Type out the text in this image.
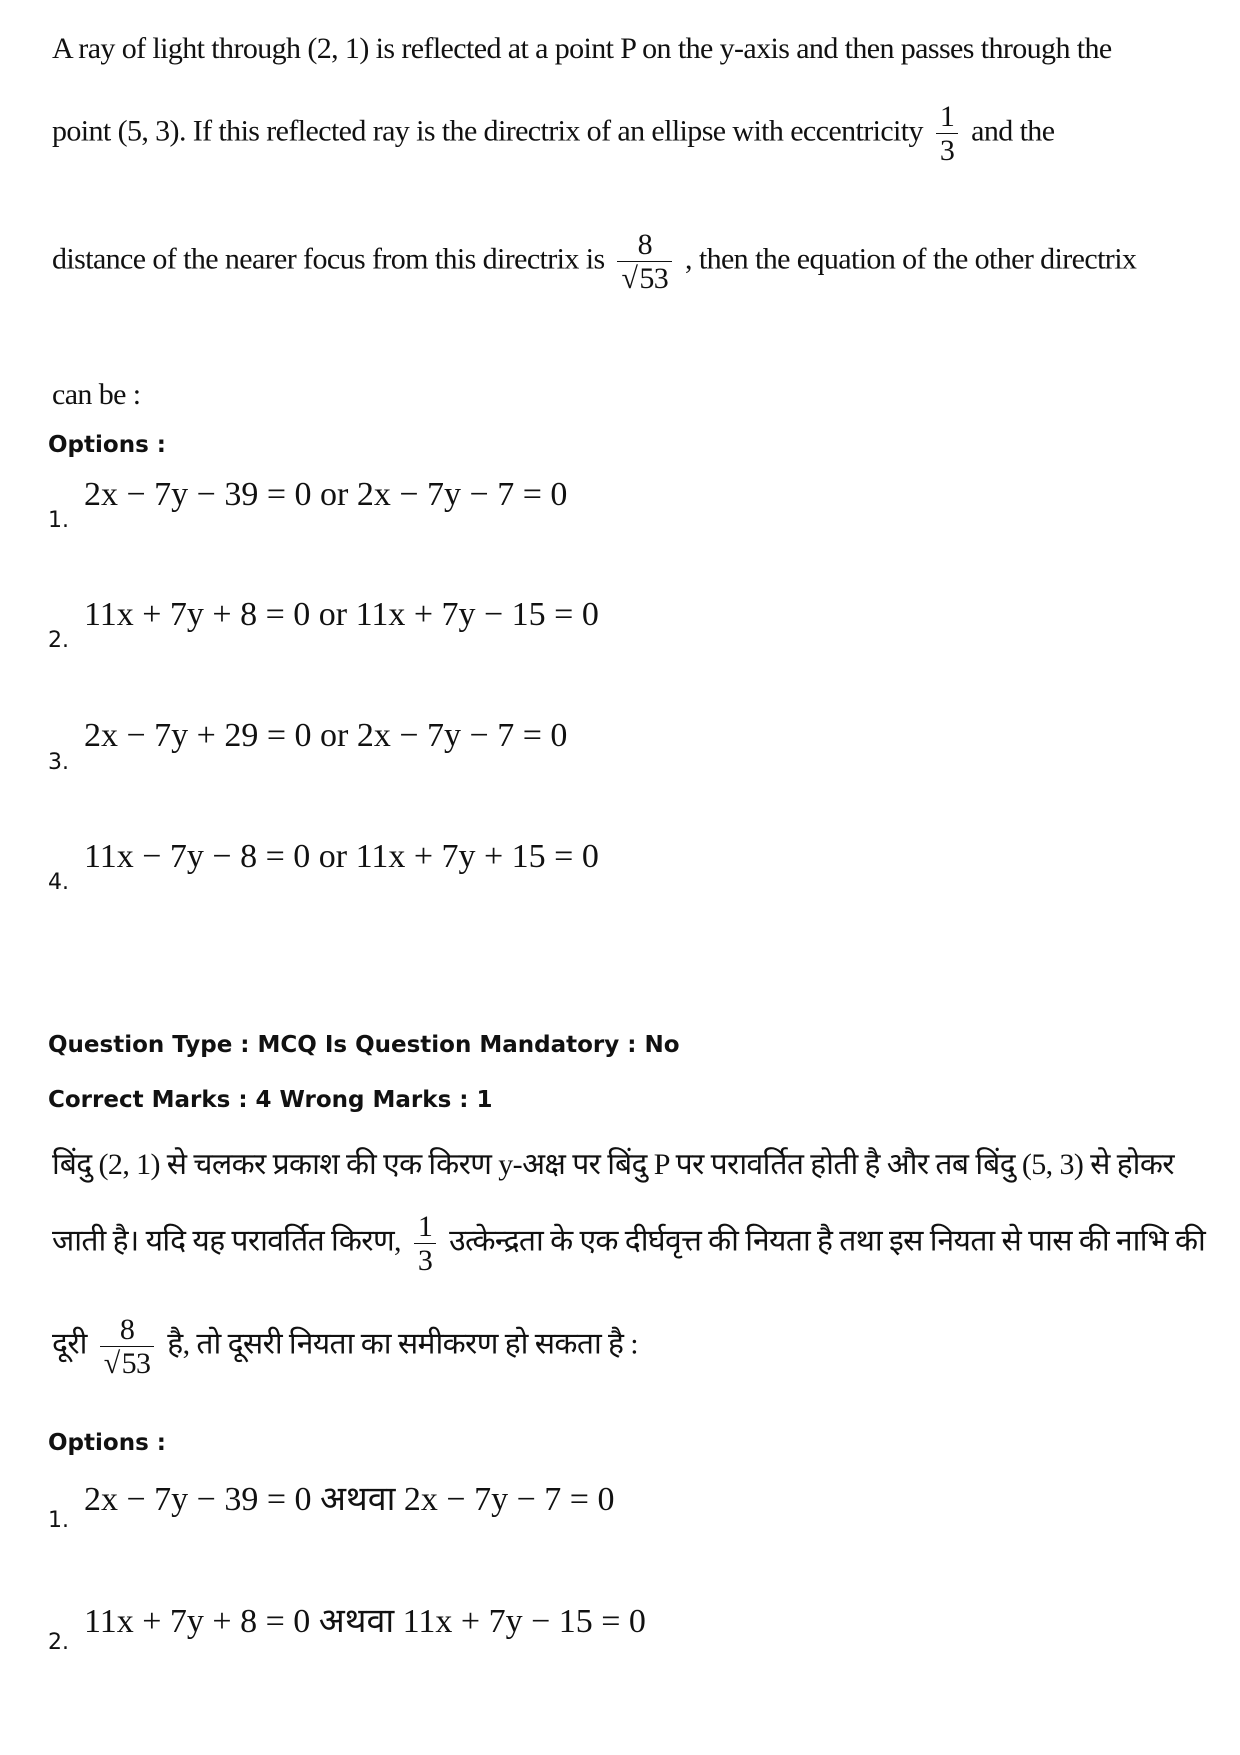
A ray of light through (2, 1) is reflected at a point P on the y-axis and then passes through the
point (5, 3). If this reflected ray is the directrix of an ellipse with eccentricity $\frac{1}{3}$ and the
distance of the nearer focus from this directrix is $\frac{8}{√53}$ , then the equation of the other directrix
can be :
Options :
1.
2x − 7y − 39 = 0 or 2x − 7y − 7 = 0
2.
11x + 7y + 8 = 0 or 11x + 7y − 15 = 0
3.
2x − 7y + 29 = 0 or 2x − 7y − 7 = 0
4.
11x − 7y − 8 = 0 or 11x + 7y + 15 = 0
Question Type : MCQ Is Question Mandatory : No
Correct Marks : 4 Wrong Marks : 1
बिंदु (2, 1) से चलकर प्रकाश की एक किरण y-अक्ष पर बिंदु P पर परावर्तित होती है और तब बिंदु (5, 3) से होकर
जाती है। यदि यह परावर्तित किरण, $\frac{1}{3}$ उत्केन्द्रता के एक दीर्घवृत्त की नियता है तथा इस नियता से पास की नाभि की
दूरी $\frac{8}{√53}$ है, तो दूसरी नियता का समीकरण हो सकता है :
Options :
1.
2x − 7y − 39 = 0 अथवा 2x − 7y − 7 = 0
2.
11x + 7y + 8 = 0 अथवा 11x + 7y − 15 = 0
